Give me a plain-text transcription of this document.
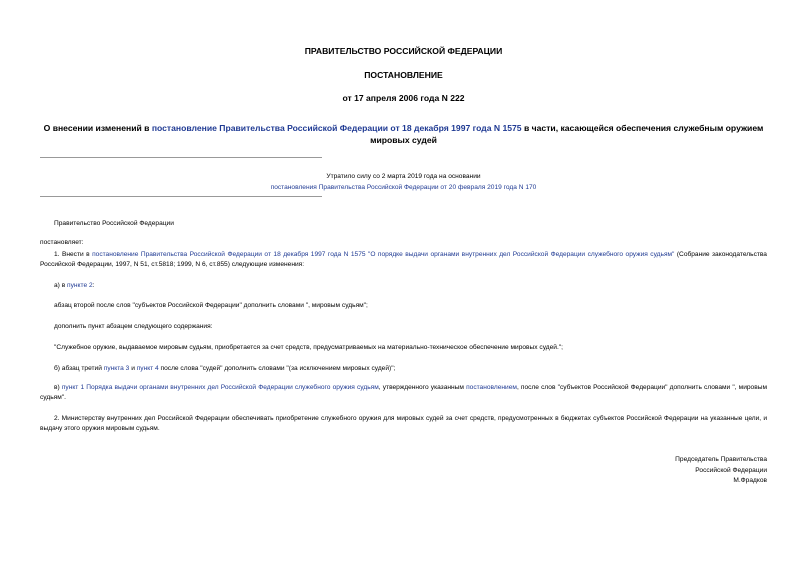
ПРАВИТЕЛЬСТВО РОССИЙСКОЙ ФЕДЕРАЦИИ
ПОСТАНОВЛЕНИЕ
от 17 апреля 2006 года N 222
О внесении изменений в постановление Правительства Российской Федерации от 18 декабря 1997 года N 1575 в части, касающейся обеспечения служебным оружием мировых судей
Утратило силу со 2 марта 2019 года на основании
постановления Правительства Российской Федерации от 20 февраля 2019 года N 170
Правительство Российской Федерации
постановляет:
1. Внести в постановление Правительства Российской Федерации от 18 декабря 1997 года N 1575 "О порядке выдачи органами внутренних дел Российской Федерации служебного оружия судьям" (Собрание законодательства Российской Федерации, 1997, N 51, ст.5818; 1999, N 6, ст.855) следующие изменения:
а) в пункте 2:
абзац второй после слов "субъектов Российской Федерации" дополнить словами ", мировым судьям";
дополнить пункт абзацем следующего содержания:
"Служебное оружие, выдаваемое мировым судьям, приобретается за счет средств, предусматриваемых на материально-техническое обеспечение мировых судей.";
б) абзац третий пункта 3 и пункт 4 после слова "судей" дополнить словами "(за исключением мировых судей)";
в) пункт 1 Порядка выдачи органами внутренних дел Российской Федерации служебного оружия судьям, утвержденного указанным постановлением, после слов "субъектов Российской Федерации" дополнить словами ", мировым судьям".
2. Министерству внутренних дел Российской Федерации обеспечивать приобретение служебного оружия для мировых судей за счет средств, предусмотренных в бюджетах субъектов Российской Федерации на указанные цели, и выдачу этого оружия мировым судьям.
Председатель Правительства
Российской Федерации
М.Фрадков
